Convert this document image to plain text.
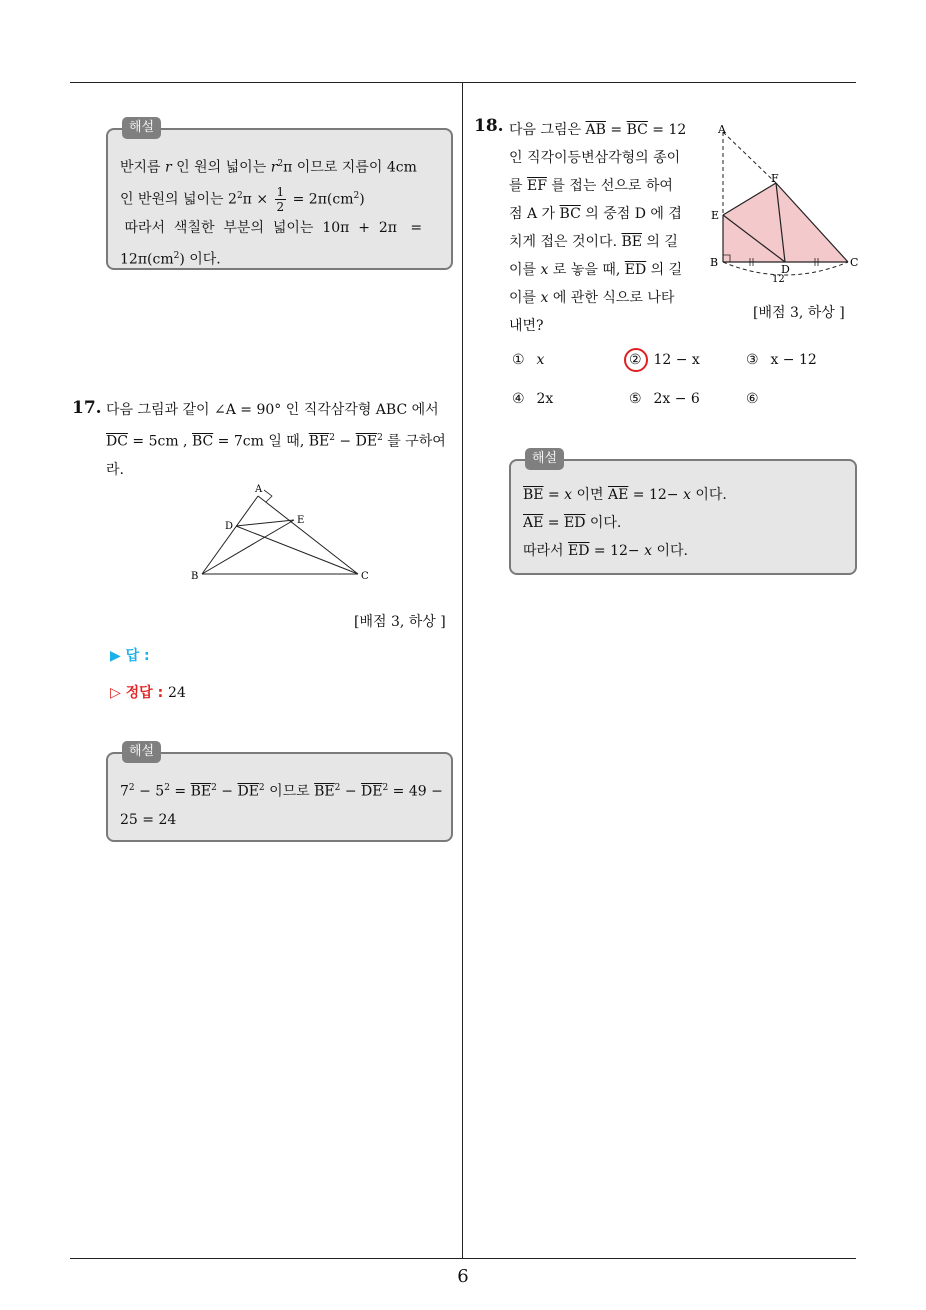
해설
반지름 r 인 원의 넓이는 $r^2\pi$ 이므로 지름이 4cm
인 반원의 넓이는 $2^2\pi \times \frac{1}{2} = 2\pi(cm^2)$
따라서  색칠한  부분의  넓이는  10π  +  2π   =
$12\pi(cm^2)$ 이다.
17. 다음 그림과 같이 ∠A = 90° 인 직각삼각형 ABC 에서
$\overline{DC} = 5cm$ , $\overline{BC} = 7cm$ 일 때, $\overline{BE}^2 - \overline{DE}^2$ 를 구하여
라.
A
B	C
D
E
[배점 3, 하상 ]
▶ 답 :
▷ 정답 : 24
해설
$7^2 - 5^2 = \overline{BE}^2 - \overline{DE}^2$ 이므로 $\overline{BE}^2 - \overline{DE}^2 = 49$ −
25 = 24
18. 다음 그림은 $\overline{AB} = \overline{BC} = 12$
인 직각이등변삼각형의 종이
를 $\overline{EF}$ 를 접는 선으로 하여
점 A 가 $\overline{BC}$ 의 중점 D 에 겹
치게 접은 것이다. $\overline{BE}$ 의 길
이를 x 로 놓을 때, $\overline{ED}$ 의 길
이를 x 에 관한 식으로 나타
내면?
A
B	C
D
E
F
12
[배점 3, 하상 ]
① x	② 12 − x	③ x − 12
④ 2x	⑤ 2x − 6	⑥
해설
$\overline{BE} = x$ 이면 $\overline{AE} = 12- x$ 이다.
$\overline{AE} = \overline{ED}$ 이다.
따라서 $\overline{ED} = 12- x$ 이다.
6
